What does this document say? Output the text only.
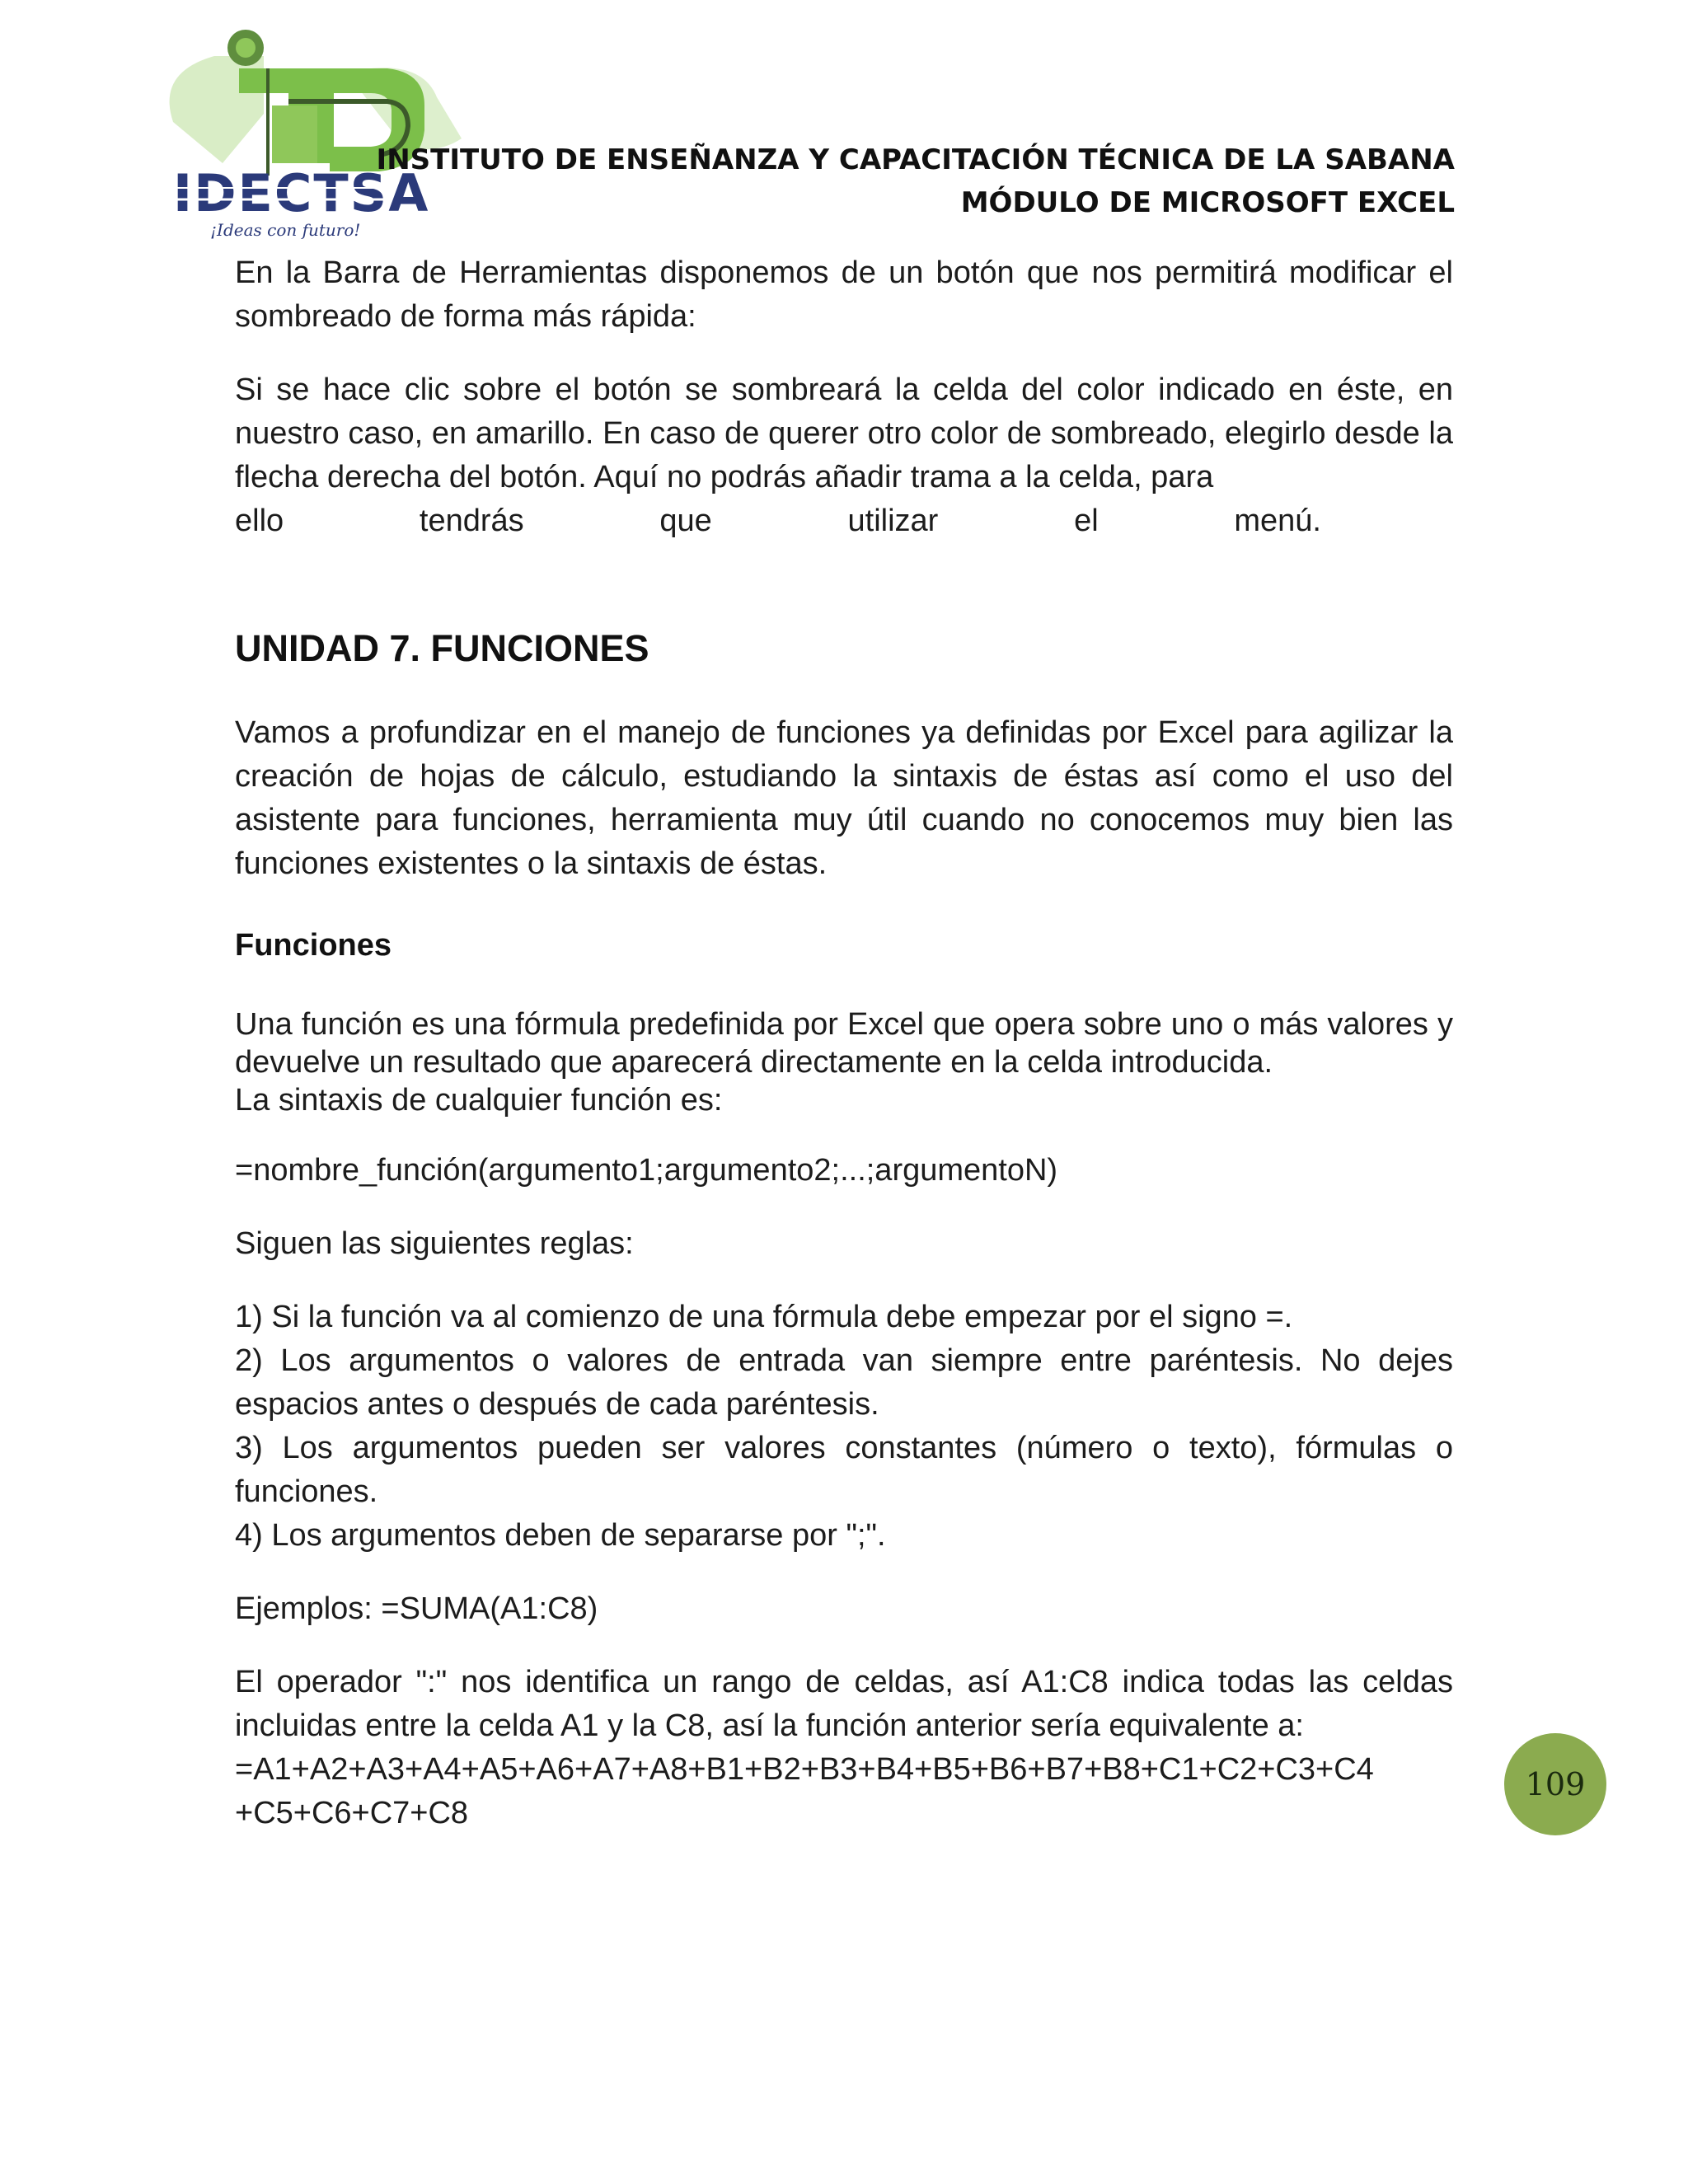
IDECTSA
¡Ideas con futuro!
INSTITUTO DE ENSEÑANZA Y CAPACITACIÓN TÉCNICA DE LA SABANA
MÓDULO DE MICROSOFT EXCEL

En la Barra de Herramientas disponemos de un botón que nos permitirá modificar el sombreado de forma más rápida:

Si se hace clic sobre el botón se sombreará la celda del color indicado en éste, en nuestro caso, en amarillo. En caso de querer otro color de sombreado, elegirlo desde la flecha derecha del botón. Aquí no podrás añadir trama a la celda, para

ello	tendrás	que	utilizar	el	menú.
UNIDAD 7. FUNCIONES

Vamos a profundizar en el manejo de funciones ya definidas por Excel para agilizar la creación de hojas de cálculo, estudiando la sintaxis de éstas así como el uso del asistente para funciones, herramienta muy útil cuando no conocemos muy bien las funciones existentes o la sintaxis de éstas.

Funciones

Una función es una fórmula predefinida por Excel que opera sobre uno o más valores y devuelve un resultado que aparecerá directamente en la celda introducida.

La sintaxis de cualquier función es:

=nombre_función(argumento1;argumento2;...;argumentoN)

Siguen las siguientes reglas:

1) Si la función va al comienzo de una fórmula debe empezar por el signo =.

2) Los argumentos o valores de entrada van siempre entre paréntesis. No dejes espacios antes o después de cada paréntesis.

3) Los argumentos pueden ser valores constantes (número o texto), fórmulas o funciones.

4) Los argumentos deben de separarse por ";".

Ejemplos: =SUMA(A1:C8)

El operador ":" nos identifica un rango de celdas, así A1:C8 indica todas las celdas incluidas entre la celda A1 y la C8, así la función anterior sería equivalente a:

=A1+A2+A3+A4+A5+A6+A7+A8+B1+B2+B3+B4+B5+B6+B7+B8+C1+C2+C3+C4

+C5+C6+C7+C8

109
